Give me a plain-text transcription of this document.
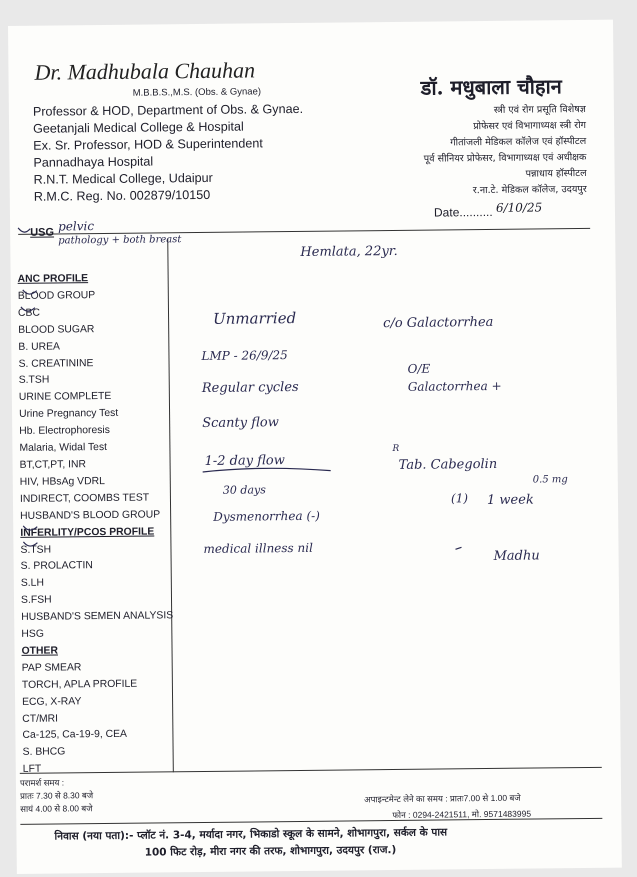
Dr. Madhubala Chauhan
M.B.B.S.,M.S. (Obs. & Gynae)
Professor & HOD, Department of Obs. & Gynae.
Geetanjali Medical College & Hospital
Ex. Sr. Professor, HOD & Superintendent
Pannadhaya Hospital
R.N.T. Medical College, Udaipur
R.M.C. Reg. No. 002879/10150
डॉ. मधुबाला चौहान
स्त्री एवं रोग प्रसूति विशेषज्ञ
प्रोफेसर एवं विभागाध्यक्ष स्त्री रोग
गीतांजली मेडिकल कॉलेज एवं हॉस्पीटल
पूर्व सीनियर प्रोफेसर, विभागाध्यक्ष एवं अधीक्षक
पन्नाधाय हॉस्पीटल
र.ना.टे. मेडिकल कॉलेज, उदयपुर
Date.......... 6/10/25
USG
ANC PROFILE
BLOOD GROUP
CBC
BLOOD SUGAR
B. UREA
S. CREATININE
S.TSH
URINE COMPLETE
Urine Pregnancy Test
Hb. Electrophoresis
Malaria, Widal Test
BT,CT,PT, INR
HIV, HBsAg VDRL
INDIRECT, COOMBS TEST
HUSBAND'S BLOOD GROUP
INFERLITY/PCOS PROFILE
S.TSH
S. PROLACTIN
S.LH
S.FSH
HUSBAND'S SEMEN ANALYSIS
HSG
OTHER
PAP SMEAR
TORCH, APLA PROFILE
ECG, X-RAY
CT/MRI
Ca-125, Ca-19-9, CEA
S. BHCG
LFT
pelvic
pathology + both breast
Hemlata, 22yr.
Unmarried	c/o Galactorrhea
LMP - 26/9/25
O/E
Galactorrhea +
Regular cycles
Scanty flow
R
1-2 day flow	Tab. Cabegolin
0.5 mg
30 days
(1) 1 week
Dysmenorrhea (-)
medical illness nil
Madhu
परामर्श समय :
प्रातः 7.30 से 8.30 बजे
सायं 4.00 से 8.00 बजे
अपाइन्टमेन्ट लेने का समय : प्रातः7.00 से 1.00 बजे
फोन : 0294-2421511, मो. 9571483995
निवास (नया पता):- प्लॉट नं. 3-4, मर्यादा नगर, भिकाडो स्कूल के सामने, शोभागपुरा, सर्कल के पास
100 फिट रोड़, मीरा नगर की तरफ, शोभागपुरा, उदयपुर (राज.)
